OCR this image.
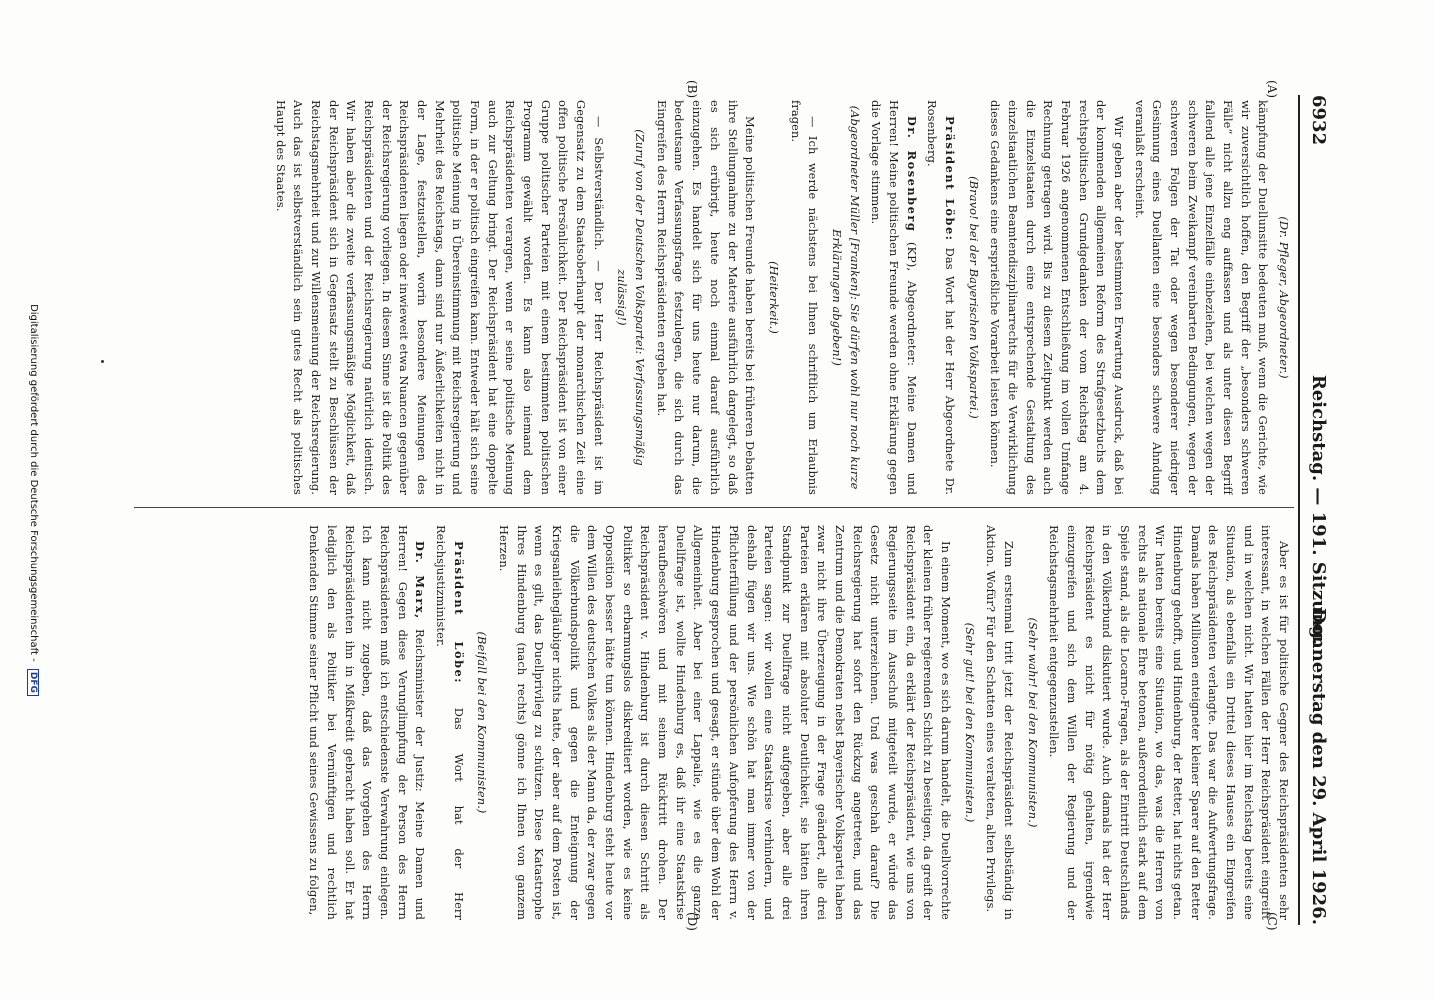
6932
Reichstag. — 191. Sitzung.
Donnerstag den 29. April 1926.
(A)
(B)
(C)
(D)

(Dr. Pfleger, Abgeordneter.)

kämpfung der Duellunsitte bedeuten muß, wenn die Gerichte, wie wir zuversichtlich hoffen, den Begriff der „besonders schweren Fälle“ nicht allzu eng auffassen und als unter diesen Begriff fallend alle jene Einzelfälle einbeziehen, bei welchen wegen der schweren beim Zweikampf vereinbarten Bedingungen, wegen der schweren Folgen der Tat oder wegen besonderer niedriger Gesinnung eines Duellanten eine besonders schwere Ahndung veranlaßt erscheint.

Wir geben aber der bestimmten Erwartung Ausdruck, daß bei der kommenden allgemeinen Reform des Strafgesetzbuchs dem rechtspolitischen Grundgedanken der vom Reichstag am 4. Februar 1926 angenommenen Entschließung im vollen Umfange Rechnung getragen wird. Bis zu diesem Zeitpunkt werden auch die Einzelstaaten durch eine entsprechende Gestaltung des einzelstaatlichen Beamtendisziplinarrechts für die Verwirklichung dieses Gedankens eine ersprießliche Vorarbeit leisten können.

(Bravo! bei der Bayerischen Volkspartei.)

Präsident Löbe: Das Wort hat der Herr Abgeordnete Dr. Rosenberg.

Dr. Rosenberg (KP), Abgeordneter: Meine Damen und Herren! Meine politischen Freunde werden ohne Erklärung gegen die Vorlage stimmen.

(Abgeordneter Müller [Franken]: Sie dürfen wohl nur noch kurze Erklärungen abgeben!)

— Ich werde nächstens bei Ihnen schriftlich um Erlaubnis fragen.

(Heiterkeit.)

Meine politischen Freunde haben bereits bei früheren Debatten ihre Stellungnahme zu der Materie ausführlich dargelegt, so daß es sich erübrigt, heute noch einmal darauf ausführlich einzugehen. Es handelt sich für uns heute nur darum, die bedeutsame Verfassungsfrage festzulegen, die sich durch das Eingreifen des Herrn Reichspräsidenten ergeben hat.

(Zuruf von der Deutschen Volkspartei: Verfassungsmäßig zulässig!)

— Selbstverständlich. — Der Herr Reichspräsident ist im Gegensatz zu dem Staatsoberhaupt der monarchischen Zeit eine offen politische Persönlichkeit. Der Reichspräsident ist von einer Gruppe politischer Parteien mit einem bestimmten politischen Programm gewählt worden. Es kann also niemand dem Reichspräsidenten verargen, wenn er seine politische Meinung auch zur Geltung bringt. Der Reichspräsident hat eine doppelte Form, in der er politisch eingreifen kann. Entweder hält sich seine politische Meinung in Übereinstimmung mit Reichsregierung und Mehrheit des Reichstags, dann sind nur Äußerlichkeiten nicht in der Lage, festzustellen, worin besondere Meinungen des Reichspräsidenten liegen oder inwieweit etwa Nuancen gegenüber der Reichsregierung vorliegen. In diesem Sinne ist die Politik des Reichspräsidenten und der Reichsregierung natürlich identisch. Wir haben aber die zweite verfassungsmäßige Möglichkeit, daß der Reichspräsident sich in Gegensatz stellt zu Beschlüssen der Reichstagsmehrheit und zur Willensmeinung der Reichsregierung. Auch das ist selbstverständlich sein gutes Recht als politisches Haupt des Staates.

Aber es ist für politische Gegner des Reichspräsidenten sehr interessant, in welchen Fällen der Herr Reichspräsident eingreift und in welchen nicht. Wir hatten hier im Reichstag bereits eine Situation, als ebenfalls ein Drittel dieses Hauses ein Eingreifen des Reichspräsidenten verlangte. Das war die Aufwertungsfrage. Damals haben Millionen enteigneter kleiner Sparer auf den Retter Hindenburg gehofft, und Hindenburg, der Retter, hat nichts getan. Wir hatten bereits eine Situation, wo das, was die Herren von rechts als nationale Ehre betonen, außerordentlich stark auf dem Spiele stand, als die Locarno-Fragen, als der Eintritt Deutschlands in den Völkerbund diskutiert wurde. Auch damals hat der Herr Reichspräsident es nicht für nötig gehalten, irgendwie einzugreifen und sich dem Willen der Regierung und der Reichstagsmehrheit entgegenzustellen.

(Sehr wahr! bei den Kommunisten.)

Zum erstenmal tritt jetzt der Reichspräsident selbständig in Aktion. Wofür? Für den Schatten eines veralteten, alten Privilegs.

(Sehr gut! bei den Kommunisten.)

In einem Moment, wo es sich darum handelt, die Duellvorrechte der kleinen früher regierenden Schicht zu beseitigen, da greift der Reichspräsident ein, da erklärt der Reichspräsident, wie uns von Regierungsseite im Ausschuß mitgeteilt wurde, er würde das Gesetz nicht unterzeichnen. Und was geschah darauf? Die Reichsregierung hat sofort den Rückzug angetreten, und das Zentrum und die Demokraten nebst Bayerischer Volkspartei haben zwar nicht ihre Überzeugung in der Frage geändert, alle drei Parteien erklären mit absoluter Deutlichkeit, sie hätten ihren Standpunkt zur Duellfrage nicht aufgegeben, aber alle drei Parteien sagen: wir wollen eine Staatskrise verhindern, und deshalb fügen wir uns. Wie schön hat man immer von der Pflichterfüllung und der persönlichen Aufopferung des Herrn v. Hindenburg gesprochen und gesagt, er stünde über dem Wohl der Allgemeinheit. Aber bei einer Lappalie, wie es die ganze Duellfrage ist, wollte Hindenburg es, daß ihr eine Staatskrise heraufbeschwören und mit seinem Rücktritt drohen. Der Reichspräsident v. Hindenburg ist durch diesen Schritt als Politiker so erbarmungslos diskreditiert worden, wie es keine Opposition besser hätte tun können. Hindenburg steht heute vor dem Willen des deutschen Volkes als der Mann da, der zwar gegen die Völkerbundspolitik und gegen die Enteignung der Kriegsanleihegläubiger nichts hatte, der aber auf dem Posten ist, wenn es gilt, das Duellprivileg zu schützen. Diese Katastrophe Ihres Hindenburg (nach rechts) gönne ich Ihnen von ganzem Herzen.

(Beifall bei den Kommunisten.)

Präsident Löbe: Das Wort hat der Herr Reichsjustizminister.

Dr. Marx, Reichsminister der Justiz: Meine Damen und Herren! Gegen diese Verunglimpfung der Person des Herrn Reichspräsidenten muß ich entschiedenste Verwahrung einlegen. Ich kann nicht zugeben, daß das Vorgehen des Herrn Reichspräsidenten ihn in Mißkredit gebracht haben soll. Er hat lediglich den als Politiker bei Vernünftigen und rechtlich Denkenden Stimme seiner Pflicht und seines Gewissens zu folgen,

Digitalisierung gefördert durch die Deutsche Forschungsgemeinschaft - DFG
